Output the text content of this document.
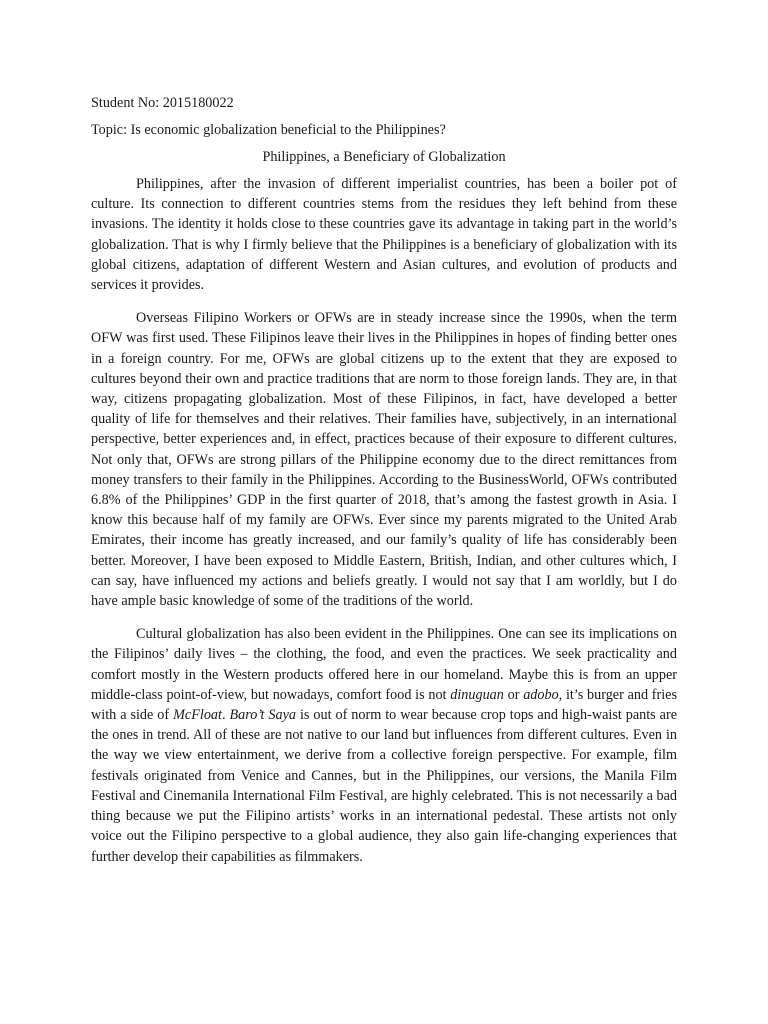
Student No: 2015180022

Topic: Is economic globalization beneficial to the Philippines?

Philippines, a Beneficiary of Globalization

Philippines, after the invasion of different imperialist countries, has been a boiler pot of culture. Its connection to different countries stems from the residues they left behind from these invasions. The identity it holds close to these countries gave its advantage in taking part in the world’s globalization. That is why I firmly believe that the Philippines is a beneficiary of globalization with its global citizens, adaptation of different Western and Asian cultures, and evolution of products and services it provides.

Overseas Filipino Workers or OFWs are in steady increase since the 1990s, when the term OFW was first used. These Filipinos leave their lives in the Philippines in hopes of finding better ones in a foreign country. For me, OFWs are global citizens up to the extent that they are exposed to cultures beyond their own and practice traditions that are norm to those foreign lands. They are, in that way, citizens propagating globalization. Most of these Filipinos, in fact, have developed a better quality of life for themselves and their relatives. Their families have, subjectively, in an international perspective, better experiences and, in effect, practices because of their exposure to different cultures. Not only that, OFWs are strong pillars of the Philippine economy due to the direct remittances from money transfers to their family in the Philippines. According to the BusinessWorld, OFWs contributed 6.8% of the Philippines’ GDP in the first quarter of 2018, that’s among the fastest growth in Asia. I know this because half of my family are OFWs. Ever since my parents migrated to the United Arab Emirates, their income has greatly increased, and our family’s quality of life has considerably been better. Moreover, I have been exposed to Middle Eastern, British, Indian, and other cultures which, I can say, have influenced my actions and beliefs greatly. I would not say that I am worldly, but I do have ample basic knowledge of some of the traditions of the world.

Cultural globalization has also been evident in the Philippines. One can see its implications on the Filipinos’ daily lives – the clothing, the food, and even the practices. We seek practicality and comfort mostly in the Western products offered here in our homeland. Maybe this is from an upper middle-class point-of-view, but nowadays, comfort food is not dinuguan or adobo, it’s burger and fries with a side of McFloat. Baro’t Saya is out of norm to wear because crop tops and high-waist pants are the ones in trend. All of these are not native to our land but influences from different cultures. Even in the way we view entertainment, we derive from a collective foreign perspective. For example, film festivals originated from Venice and Cannes, but in the Philippines, our versions, the Manila Film Festival and Cinemanila International Film Festival, are highly celebrated. This is not necessarily a bad thing because we put the Filipino artists’ works in an international pedestal. These artists not only voice out the Filipino perspective to a global audience, they also gain life-changing experiences that further develop their capabilities as filmmakers.
